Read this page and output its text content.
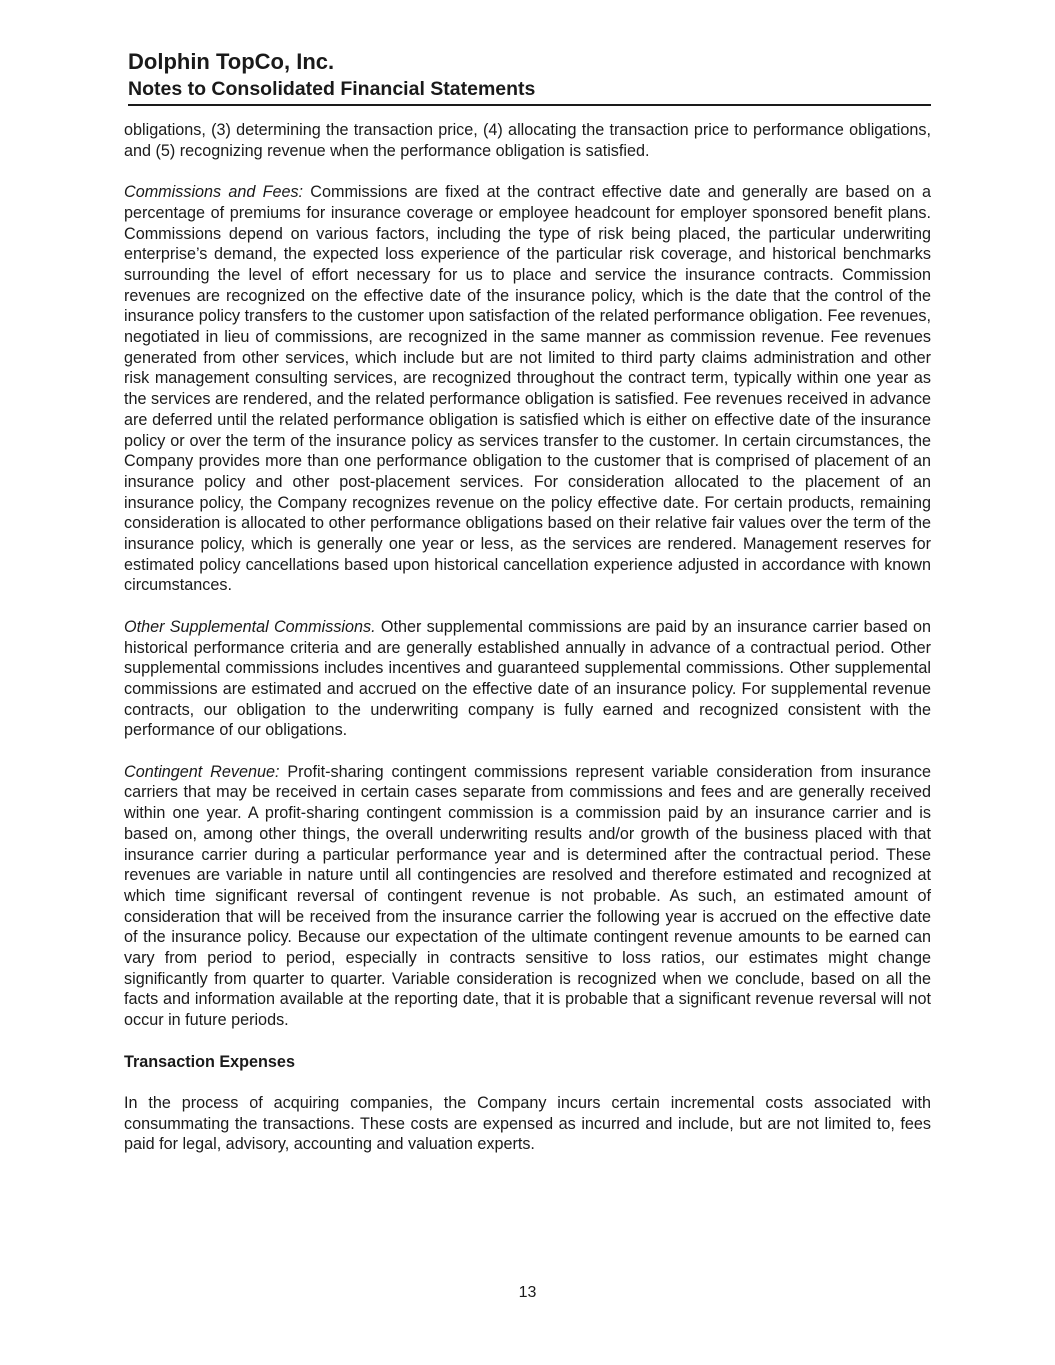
Dolphin TopCo, Inc.
Notes to Consolidated Financial Statements

obligations, (3) determining the transaction price, (4) allocating the transaction price to performance obligations, and (5) recognizing revenue when the performance obligation is satisfied.

Commissions and Fees: Commissions are fixed at the contract effective date and generally are based on a percentage of premiums for insurance coverage or employee headcount for employer sponsored benefit plans. Commissions depend on various factors, including the type of risk being placed, the particular underwriting enterprise’s demand, the expected loss experience of the particular risk coverage, and historical benchmarks surrounding the level of effort necessary for us to place and service the insurance contracts. Commission revenues are recognized on the effective date of the insurance policy, which is the date that the control of the insurance policy transfers to the customer upon satisfaction of the related performance obligation. Fee revenues, negotiated in lieu of commissions, are recognized in the same manner as commission revenue. Fee revenues generated from other services, which include but are not limited to third party claims administration and other risk management consulting services, are recognized throughout the contract term, typically within one year as the services are rendered, and the related performance obligation is satisfied. Fee revenues received in advance are deferred until the related performance obligation is satisfied which is either on effective date of the insurance policy or over the term of the insurance policy as services transfer to the customer. In certain circumstances, the Company provides more than one performance obligation to the customer that is comprised of placement of an insurance policy and other post-placement services. For consideration allocated to the placement of an insurance policy, the Company recognizes revenue on the policy effective date. For certain products, remaining consideration is allocated to other performance obligations based on their relative fair values over the term of the insurance policy, which is generally one year or less, as the services are rendered. Management reserves for estimated policy cancellations based upon historical cancellation experience adjusted in accordance with known circumstances.

Other Supplemental Commissions. Other supplemental commissions are paid by an insurance carrier based on historical performance criteria and are generally established annually in advance of a contractual period. Other supplemental commissions includes incentives and guaranteed supplemental commissions. Other supplemental commissions are estimated and accrued on the effective date of an insurance policy. For supplemental revenue contracts, our obligation to the underwriting company is fully earned and recognized consistent with the performance of our obligations.

Contingent Revenue: Profit-sharing contingent commissions represent variable consideration from insurance carriers that may be received in certain cases separate from commissions and fees and are generally received within one year. A profit-sharing contingent commission is a commission paid by an insurance carrier and is based on, among other things, the overall underwriting results and/or growth of the business placed with that insurance carrier during a particular performance year and is determined after the contractual period. These revenues are variable in nature until all contingencies are resolved and therefore estimated and recognized at which time significant reversal of contingent revenue is not probable. As such, an estimated amount of consideration that will be received from the insurance carrier the following year is accrued on the effective date of the insurance policy. Because our expectation of the ultimate contingent revenue amounts to be earned can vary from period to period, especially in contracts sensitive to loss ratios, our estimates might change significantly from quarter to quarter. Variable consideration is recognized when we conclude, based on all the facts and information available at the reporting date, that it is probable that a significant revenue reversal will not occur in future periods.

Transaction Expenses

In the process of acquiring companies, the Company incurs certain incremental costs associated with consummating the transactions. These costs are expensed as incurred and include, but are not limited to, fees paid for legal, advisory, accounting and valuation experts.

13
